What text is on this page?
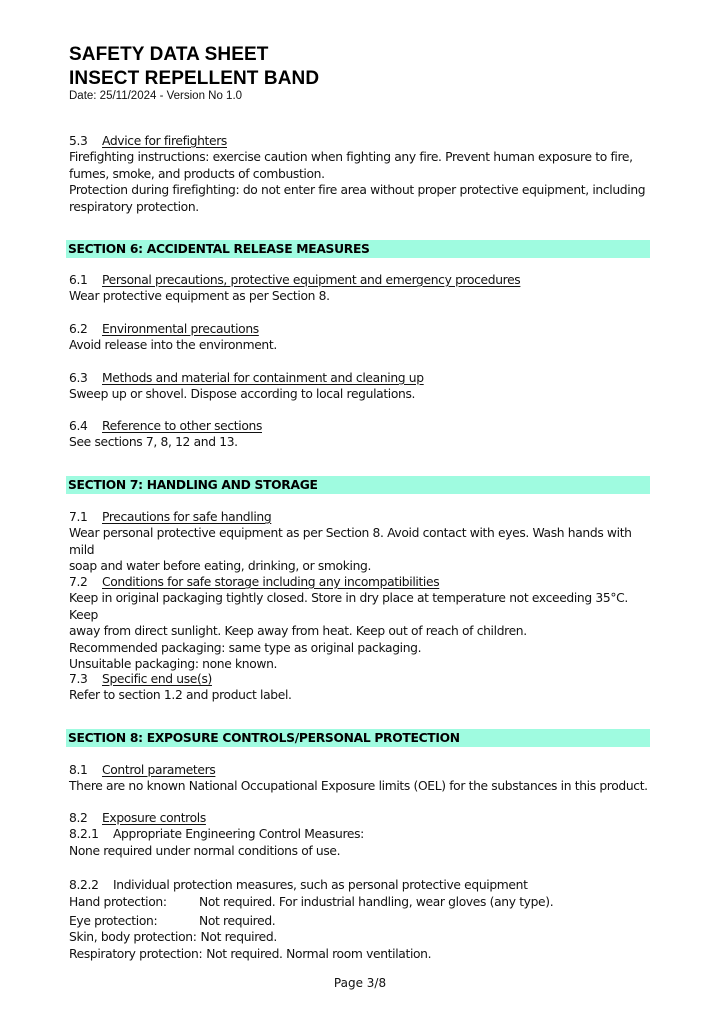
SAFETY DATA SHEET
INSECT REPELLENT BAND
Date: 25/11/2024 - Version No 1.0
5.3 Advice for firefighters
Firefighting instructions: exercise caution when fighting any fire. Prevent human exposure to fire,
fumes, smoke, and products of combustion.
Protection during firefighting: do not enter fire area without proper protective equipment, including
respiratory protection.
SECTION 6: ACCIDENTAL RELEASE MEASURES
6.1 Personal precautions, protective equipment and emergency procedures
Wear protective equipment as per Section 8.
6.2 Environmental precautions
Avoid release into the environment.
6.3 Methods and material for containment and cleaning up
Sweep up or shovel. Dispose according to local regulations.
6.4 Reference to other sections
See sections 7, 8, 12 and 13.
SECTION 7: HANDLING AND STORAGE
7.1 Precautions for safe handling
Wear personal protective equipment as per Section 8. Avoid contact with eyes. Wash hands with mild
soap and water before eating, drinking, or smoking.
7.2 Conditions for safe storage including any incompatibilities
Keep in original packaging tightly closed. Store in dry place at temperature not exceeding 35°C. Keep
away from direct sunlight. Keep away from heat. Keep out of reach of children.
Recommended packaging: same type as original packaging.
Unsuitable packaging: none known.
7.3 Specific end use(s)
Refer to section 1.2 and product label.
SECTION 8: EXPOSURE CONTROLS/PERSONAL PROTECTION
8.1 Control parameters
There are no known National Occupational Exposure limits (OEL) for the substances in this product.
8.2 Exposure controls
8.2.1 Appropriate Engineering Control Measures:
None required under normal conditions of use.
8.2.2 Individual protection measures, such as personal protective equipment
Hand protection:	Not required. For industrial handling, wear gloves (any type).
Eye protection:	Not required.
Skin, body protection: Not required.
Respiratory protection: Not required. Normal room ventilation.
Page 3/8
